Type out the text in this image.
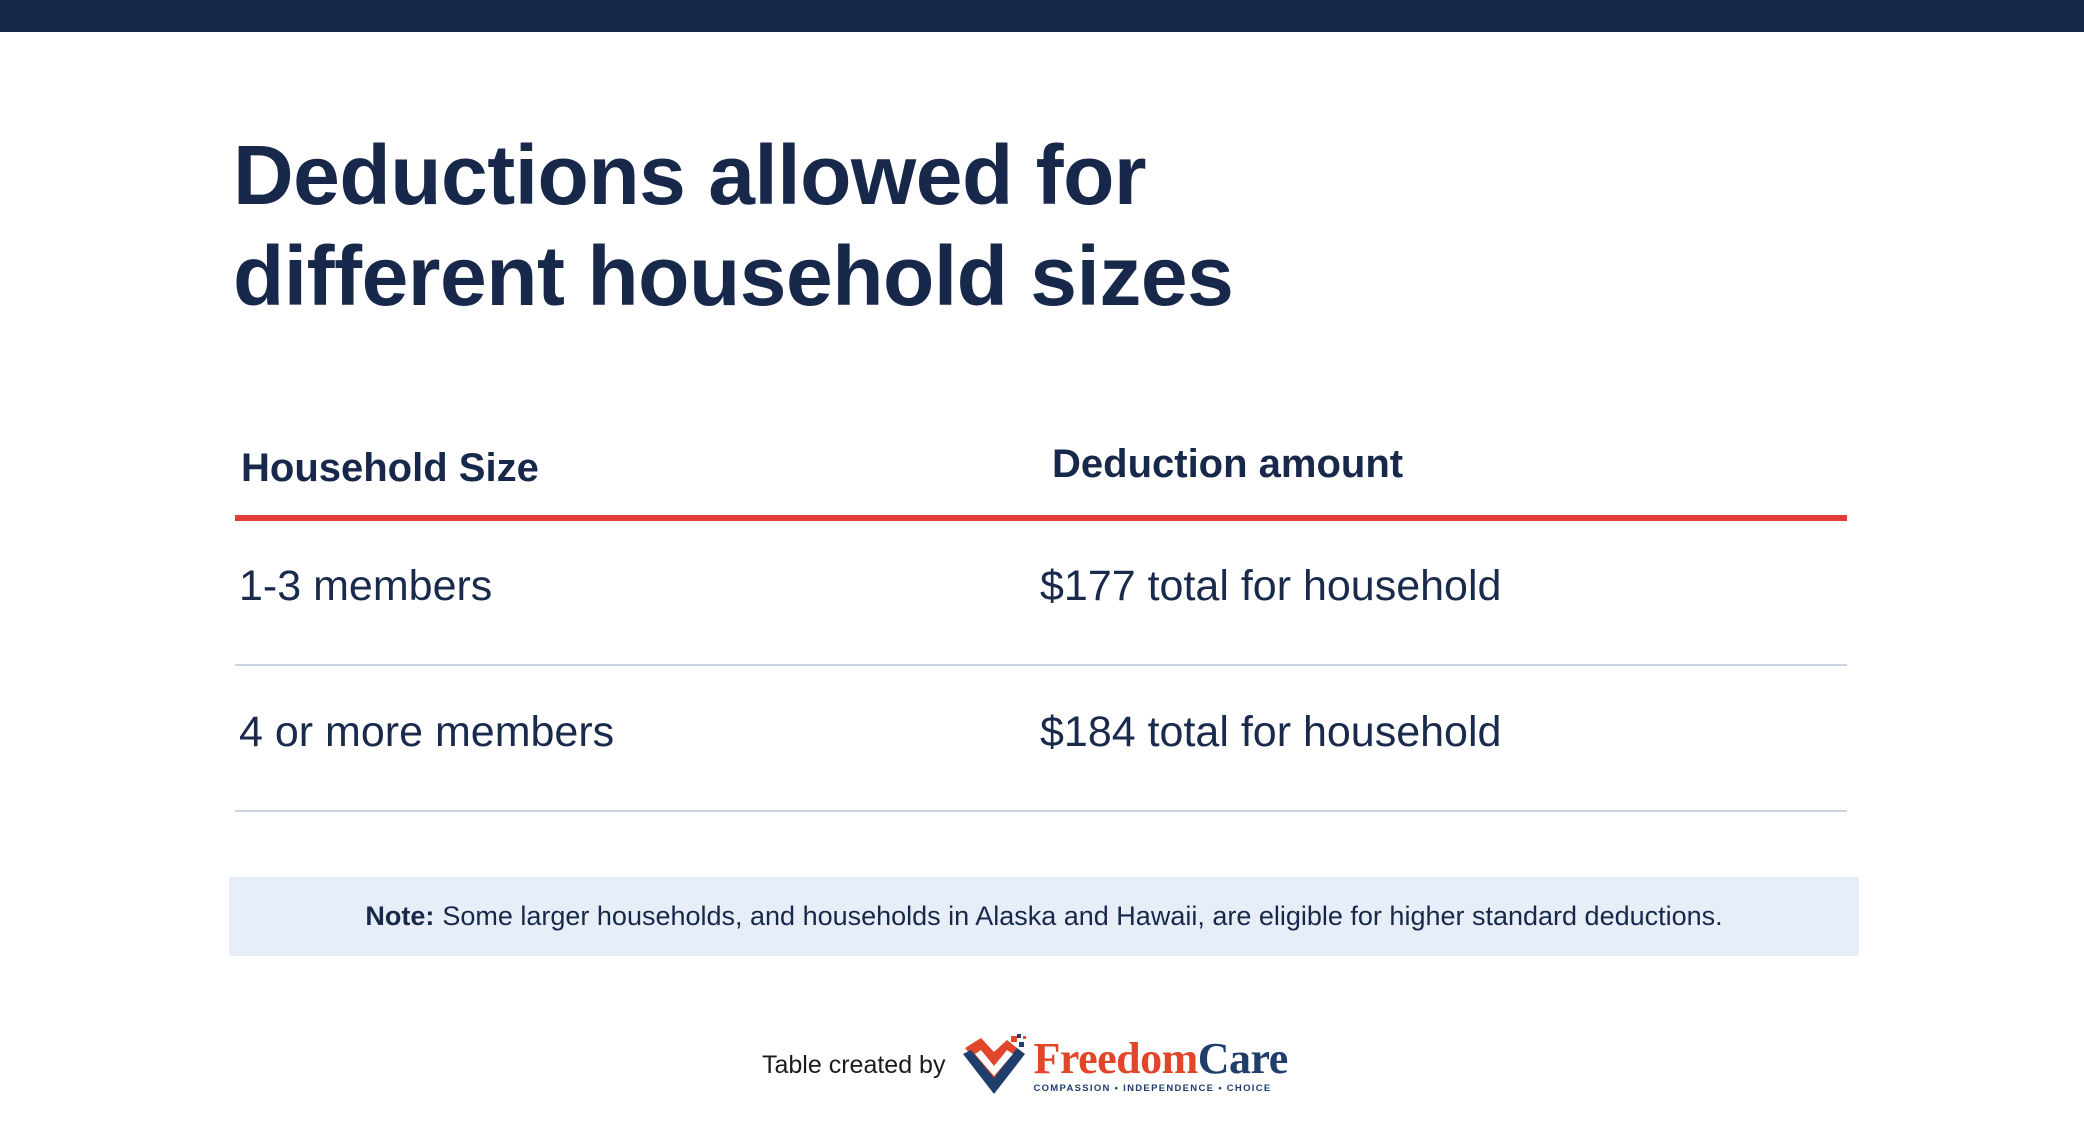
Deductions allowed for
different household sizes
Household Size	Deduction amount
1-3 members	$177 total for household
4 or more members	$184 total for household
Note: Some larger households, and households in Alaska and Hawaii, are eligible for higher standard deductions.
Table created by FreedomCare
COMPASSION • INDEPENDENCE • CHOICE
